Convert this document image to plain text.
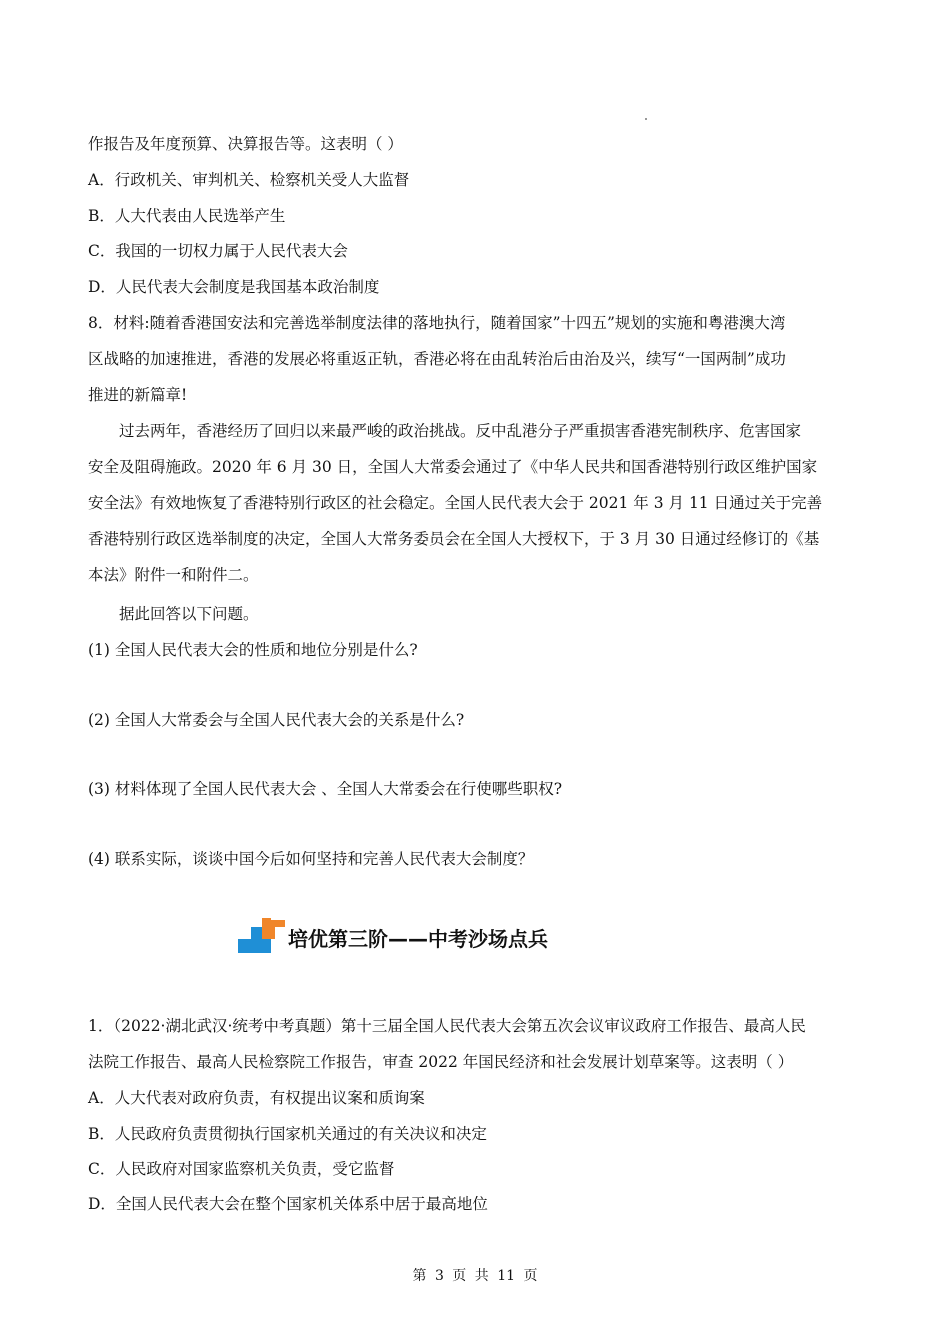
作报告及年度预算、决算报告等。这表明（ ）
A．行政机关、审判机关、检察机关受人大监督
B．人大代表由人民选举产生
C．我国的一切权力属于人民代表大会
D．人民代表大会制度是我国基本政治制度
8．材料:随着香港国安法和完善选举制度法律的落地执行，随着国家”十四五”规划的实施和粤港澳大湾
区战略的加速推进，香港的发展必将重返正轨，香港必将在由乱转治后由治及兴，续写“一国两制”成功
推进的新篇章!
过去两年，香港经历了回归以来最严峻的政治挑战。反中乱港分子严重损害香港宪制秩序、危害国家
安全及阻碍施政。2020 年 6 月 30 日，全国人大常委会通过了《中华人民共和国香港特别行政区维护国家
安全法》有效地恢复了香港特别行政区的社会稳定。全国人民代表大会于 2021 年 3 月 11 日通过关于完善
香港特别行政区选举制度的决定，全国人大常务委员会在全国人大授权下，于 3 月 30 日通过经修订的《基
本法》附件一和附件二。
据此回答以下问题。
(1) 全国人民代表大会的性质和地位分别是什么?
(2) 全国人大常委会与全国人民代表大会的关系是什么?
(3) 材料体现了全国人民代表大会 、全国人大常委会在行使哪些职权?
(4) 联系实际，谈谈中国今后如何坚持和完善人民代表大会制度？
培优第三阶——中考沙场点兵
1．（2022·湖北武汉·统考中考真题）第十三届全国人民代表大会第五次会议审议政府工作报告、最高人民
法院工作报告、最高人民检察院工作报告，审查 2022 年国民经济和社会发展计划草案等。这表明（ ）
A．人大代表对政府负责，有权提出议案和质询案
B．人民政府负责贯彻执行国家机关通过的有关决议和决定
C．人民政府对国家监察机关负责，受它监督
D．全国人民代表大会在整个国家机关体系中居于最高地位
第 3 页 共 11 页
